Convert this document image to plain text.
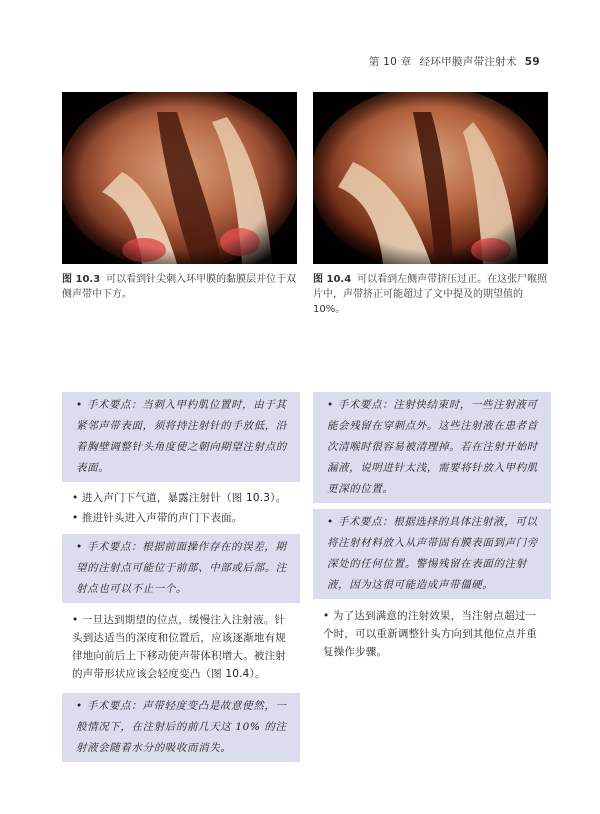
第 10 章 经环甲膜声带注射术 59
图 10.3 可以看到针尖刺入环甲膜的黏膜层并位于双侧声带中下方。
图 10.4 可以看到左侧声带挤压过正。在这张尸喉照片中，声带挤正可能超过了文中提及的期望值的 10%。
• 手术要点：当刺入甲杓肌位置时，由于其紧邻声带表面，须将持注射针的手放低，沿着胸壁调整针头角度使之朝向期望注射点的表面。
• 进入声门下气道，暴露注射针（图 10.3）。
• 推进针头进入声带的声门下表面。
• 手术要点：根据前面操作存在的误差，期望的注射点可能位于前部、中部或后部。注射点也可以不止一个。
• 一旦达到期望的位点，缓慢注入注射液。针头到达适当的深度和位置后，应该逐渐地有规律地向前后上下移动使声带体积增大。被注射的声带形状应该会轻度变凸（图 10.4）。
• 手术要点：声带轻度变凸是故意使然，一般情况下，在注射后的前几天这 10% 的注射液会随着水分的吸收而消失。
• 手术要点：注射快结束时，一些注射液可能会残留在穿刺点外。这些注射液在患者首次清喉时很容易被清理掉。若在注射开始时漏液，说明进针太浅，需要将针放入甲杓肌更深的位置。
• 手术要点：根据选择的具体注射液，可以将注射材料放入从声带固有膜表面到声门旁深处的任何位置。警惕残留在表面的注射液，因为这很可能造成声带僵硬。
• 为了达到满意的注射效果，当注射点超过一个时，可以重新调整针头方向到其他位点并重复操作步骤。
